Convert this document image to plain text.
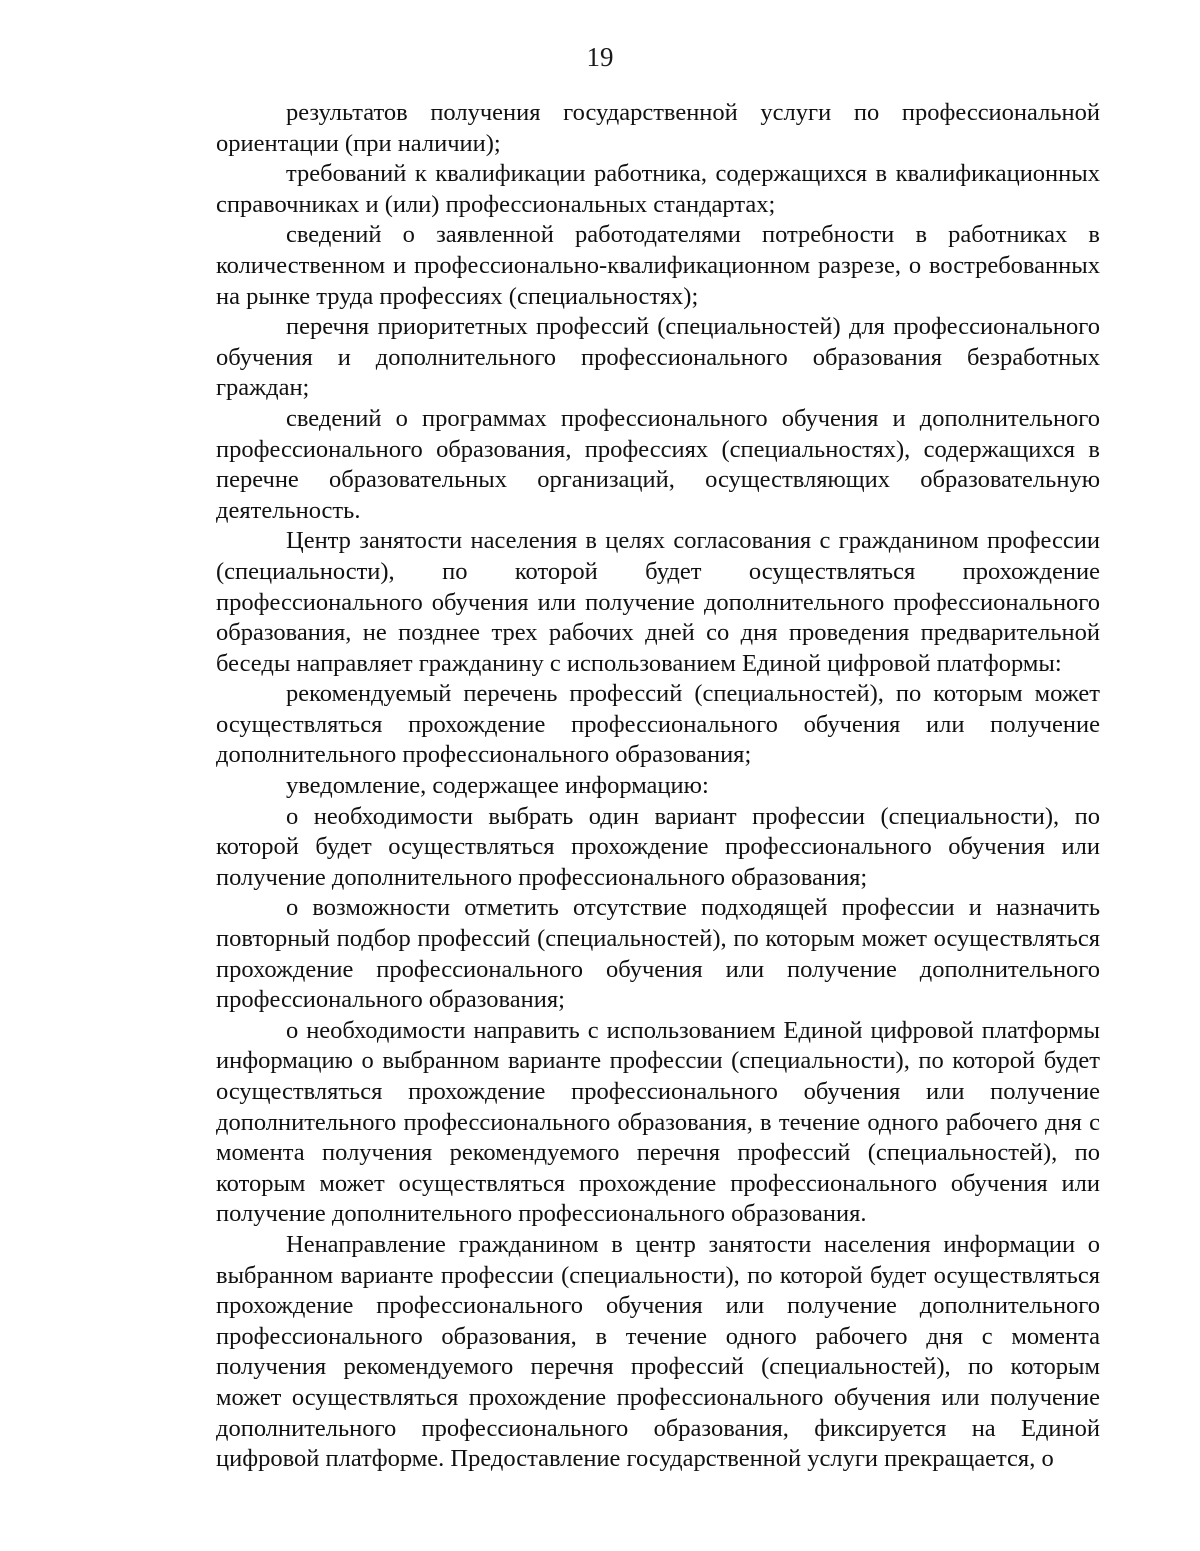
19

результатов получения государственной услуги по профессиональной ориентации (при наличии);

требований к квалификации работника, содержащихся в квалификационных справочниках и (или) профессиональных стандартах;

сведений о заявленной работодателями потребности в работниках в количественном и профессионально-квалификационном разрезе, о востребованных на рынке труда профессиях (специальностях);

перечня приоритетных профессий (специальностей) для профессионального обучения и дополнительного профессионального образования безработных граждан;

сведений о программах профессионального обучения и дополнительного профессионального образования, профессиях (специальностях), содержащихся в перечне образовательных организаций, осуществляющих образовательную деятельность.

Центр занятости населения в целях согласования с гражданином профессии (специальности), по которой будет осуществляться прохождение профессионального обучения или получение дополнительного профессионального образования, не позднее трех рабочих дней со дня проведения предварительной беседы направляет гражданину с использованием Единой цифровой платформы:

рекомендуемый перечень профессий (специальностей), по которым может осуществляться прохождение профессионального обучения или получение дополнительного профессионального образования;

уведомление, содержащее информацию:

о необходимости выбрать один вариант профессии (специальности), по которой будет осуществляться прохождение профессионального обучения или получение дополнительного профессионального образования;

о возможности отметить отсутствие подходящей профессии и назначить повторный подбор профессий (специальностей), по которым может осуществляться прохождение профессионального обучения или получение дополнительного профессионального образования;

о необходимости направить с использованием Единой цифровой платформы информацию о выбранном варианте профессии (специальности), по которой будет осуществляться прохождение профессионального обучения или получение дополнительного профессионального образования, в течение одного рабочего дня с момента получения рекомендуемого перечня профессий (специальностей), по которым может осуществляться прохождение профессионального обучения или получение дополнительного профессионального образования.

Ненаправление гражданином в центр занятости населения информации о выбранном варианте профессии (специальности), по которой будет осуществляться прохождение профессионального обучения или получение дополнительного профессионального образования, в течение одного рабочего дня с момента получения рекомендуемого перечня профессий (специальностей), по которым может осуществляться прохождение профессионального обучения или получение дополнительного профессионального образования, фиксируется на Единой цифровой платформе. Предоставление государственной услуги прекращается, о
